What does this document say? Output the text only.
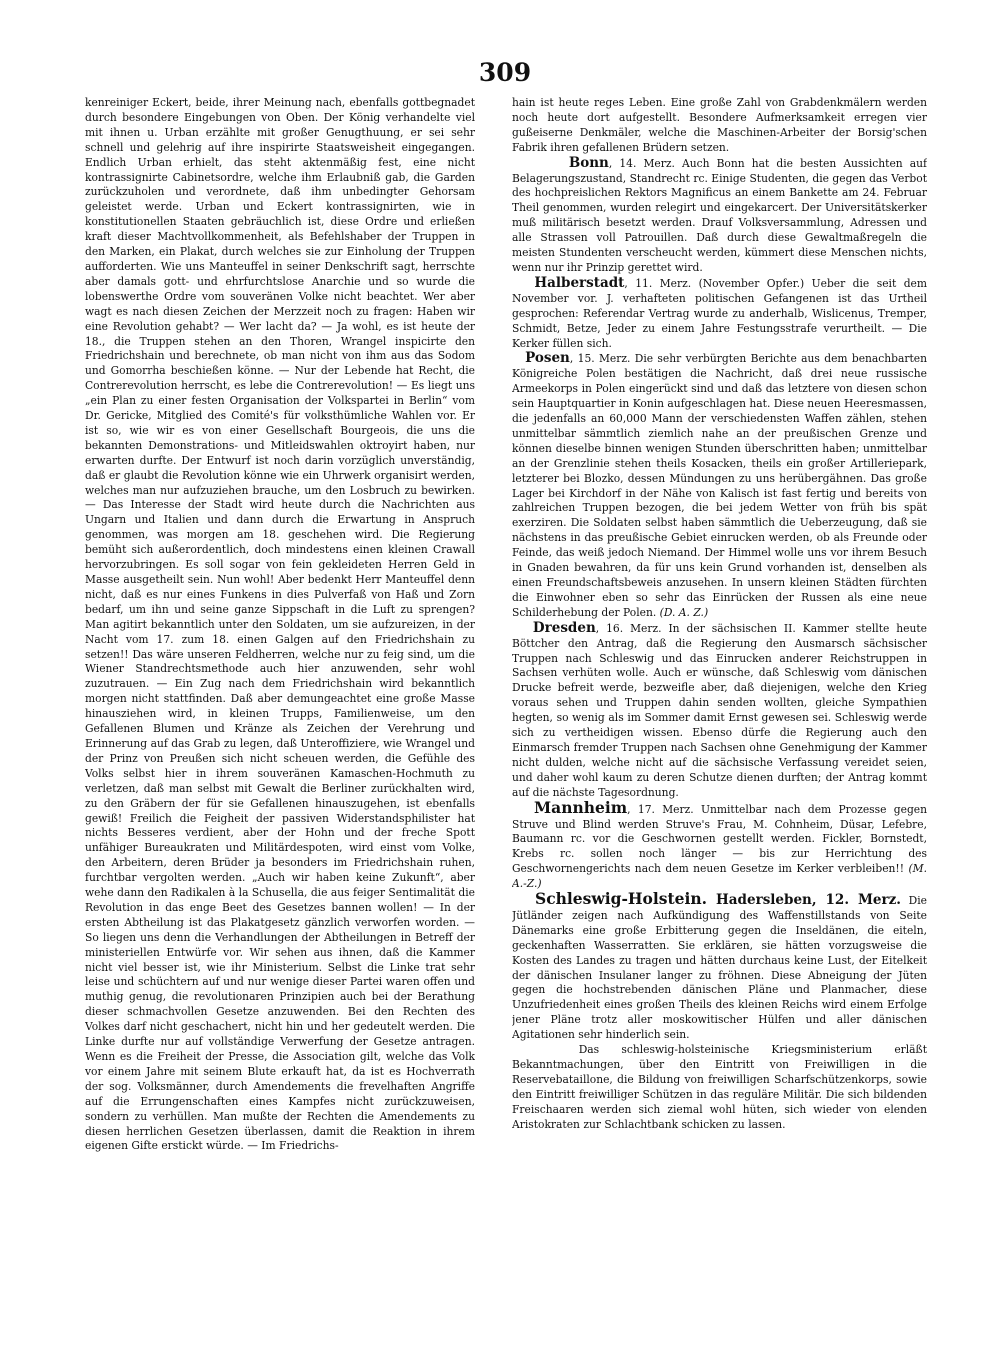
309

kenreiniger Eckert, beide, ihrer Meinung nach, ebenfalls gottbegnadet durch besondere Eingebungen von Oben. Der König verhandelte viel mit ihnen u. Urban erzählte mit großer Genugthuung, er sei sehr schnell und gelehrig auf ihre inspirirte Staatsweisheit eingegangen. Endlich Urban erhielt, das steht aktenmäßig fest, eine nicht kontrassignirte Cabinetsordre, welche ihm Erlaubniß gab, die Garden zurückzuholen und verordnete, daß ihm unbedingter Gehorsam geleistet werde. Urban und Eckert kontrassignirten, wie in konstitutionellen Staaten gebräuchlich ist, diese Ordre und erließen kraft dieser Machtvollkommenheit, als Befehlshaber der Truppen in den Marken, ein Plakat, durch welches sie zur Einholung der Truppen aufforderten. Wie uns Manteuffel in seiner Denkschrift sagt, herrschte aber damals gott- und ehrfurchtslose Anarchie und so wurde die lobenswerthe Ordre vom souveränen Volke nicht beachtet. Wer aber wagt es nach diesen Zeichen der Merzzeit noch zu fragen: Haben wir eine Revolution gehabt? — Wer lacht da? — Ja wohl, es ist heute der 18., die Truppen stehen an den Thoren, Wrangel inspicirte den Friedrichshain und berechnete, ob man nicht von ihm aus das Sodom und Gomorrha beschießen könne. — Nur der Lebende hat Recht, die Contrerevolution herrscht, es lebe die Contrerevolution! — Es liegt uns „ein Plan zu einer festen Organisation der Volkspartei in Berlin“ vom Dr. Gericke, Mitglied des Comité's für volksthümliche Wahlen vor. Er ist so, wie wir es von einer Gesellschaft Bourgeois, die uns die bekannten Demonstrations- und Mitleidswahlen oktroyirt haben, nur erwarten durfte. Der Entwurf ist noch darin vorzüglich unverständig, daß er glaubt die Revolution könne wie ein Uhrwerk organisirt werden, welches man nur aufzuziehen brauche, um den Losbruch zu bewirken. — Das Interesse der Stadt wird heute durch die Nachrichten aus Ungarn und Italien und dann durch die Erwartung in Anspruch genommen, was morgen am 18. geschehen wird. Die Regierung bemüht sich außerordentlich, doch mindestens einen kleinen Crawall hervorzubringen. Es soll sogar von fein gekleideten Herren Geld in Masse ausgetheilt sein. Nun wohl! Aber bedenkt Herr Manteuffel denn nicht, daß es nur eines Funkens in dies Pulverfaß von Haß und Zorn bedarf, um ihn und seine ganze Sippschaft in die Luft zu sprengen? Man agitirt bekanntlich unter den Soldaten, um sie aufzureizen, in der Nacht vom 17. zum 18. einen Galgen auf den Friedrichshain zu setzen!! Das wäre unseren Feldherren, welche nur zu feig sind, um die Wiener Standrechtsmethode auch hier anzuwenden, sehr wohl zuzutrauen. — Ein Zug nach dem Friedrichshain wird bekanntlich morgen nicht stattfinden. Daß aber demungeachtet eine große Masse hinausziehen wird, in kleinen Trupps, Familienweise, um den Gefallenen Blumen und Kränze als Zeichen der Verehrung und Erinnerung auf das Grab zu legen, daß Unteroffiziere, wie Wrangel und der Prinz von Preußen sich nicht scheuen werden, die Gefühle des Volks selbst hier in ihrem souveränen Kamaschen-Hochmuth zu verletzen, daß man selbst mit Gewalt die Berliner zurückhalten wird, zu den Gräbern der für sie Gefallenen hinauszugehen, ist ebenfalls gewiß! Freilich die Feigheit der passiven Widerstandsphilister hat nichts Besseres verdient, aber der Hohn und der freche Spott unfähiger Bureaukraten und Militärdespoten, wird einst vom Volke, den Arbeitern, deren Brüder ja besonders im Friedrichshain ruhen, furchtbar vergolten werden. „Auch wir haben keine Zukunft“, aber wehe dann den Radikalen à la Schusella, die aus feiger Sentimalität die Revolution in das enge Beet des Gesetzes bannen wollen! — In der ersten Abtheilung ist das Plakatgesetz gänzlich verworfen worden. — So liegen uns denn die Verhandlungen der Abtheilungen in Betreff der ministeriellen Entwürfe vor. Wir sehen aus ihnen, daß die Kammer nicht viel besser ist, wie ihr Ministerium. Selbst die Linke trat sehr leise und schüchtern auf und nur wenige dieser Partei waren offen und muthig genug, die revolutionaren Prinzipien auch bei der Berathung dieser schmachvollen Gesetze anzuwenden. Bei den Rechten des Volkes darf nicht geschachert, nicht hin und her gedeutelt werden. Die Linke durfte nur auf vollständige Verwerfung der Gesetze antragen. Wenn es die Freiheit der Presse, die Association gilt, welche das Volk vor einem Jahre mit seinem Blute erkauft hat, da ist es Hochverrath der sog. Volksmänner, durch Amendements die frevelhaften Angriffe auf die Errungenschaften eines Kampfes nicht zurückzuweisen, sondern zu verhüllen. Man mußte der Rechten die Amendements zu diesen herrlichen Gesetzen überlassen, damit die Reaktion in ihrem eigenen Gifte erstickt würde. — Im Friedrichs-

hain ist heute reges Leben. Eine große Zahl von Grabdenkmälern werden noch heute dort aufgestellt. Besondere Aufmerksamkeit erregen vier gußeiserne Denkmäler, welche die Maschinen-Arbeiter der Borsig'schen Fabrik ihren gefallenen Brüdern setzen.

Bonn, 14. Merz. Auch Bonn hat die besten Aussichten auf Belagerungszustand, Standrecht rc. Einige Studenten, die gegen das Verbot des hochpreislichen Rektors Magnificus an einem Bankette am 24. Februar Theil genommen, wurden relegirt und eingekarcert. Der Universitätskerker muß militärisch besetzt werden. Drauf Volksversammlung, Adressen und alle Strassen voll Patrouillen. Daß durch diese Gewaltmaßregeln die meisten Stundenten verscheucht werden, kümmert diese Menschen nichts, wenn nur ihr Prinzip gerettet wird.

Halberstadt, 11. Merz. (November Opfer.) Ueber die seit dem November vor. J. verhafteten politischen Gefangenen ist das Urtheil gesprochen: Referendar Vertrag wurde zu anderhalb, Wislicenus, Tremper, Schmidt, Betze, Jeder zu einem Jahre Festungsstrafe verurtheilt. — Die Kerker füllen sich.

Posen, 15. Merz. Die sehr verbürgten Berichte aus dem benachbarten Königreiche Polen bestätigen die Nachricht, daß drei neue russische Armeekorps in Polen eingerückt sind und daß das letztere von diesen schon sein Hauptquartier in Konin aufgeschlagen hat. Diese neuen Heeresmassen, die jedenfalls an 60,000 Mann der verschiedensten Waffen zählen, stehen unmittelbar sämmtlich ziemlich nahe an der preußischen Grenze und können dieselbe binnen wenigen Stunden überschritten haben; unmittelbar an der Grenzlinie stehen theils Kosacken, theils ein großer Artilleriepark, letzterer bei Blozko, dessen Mündungen zu uns herübergähnen. Das große Lager bei Kirchdorf in der Nähe von Kalisch ist fast fertig und bereits von zahlreichen Truppen bezogen, die bei jedem Wetter von früh bis spät exerziren. Die Soldaten selbst haben sämmtlich die Ueberzeugung, daß sie nächstens in das preußische Gebiet einrucken werden, ob als Freunde oder Feinde, das weiß jedoch Niemand. Der Himmel wolle uns vor ihrem Besuch in Gnaden bewahren, da für uns kein Grund vorhanden ist, denselben als einen Freundschaftsbeweis anzusehen. In unsern kleinen Städten fürchten die Einwohner eben so sehr das Einrücken der Russen als eine neue Schilderhebung der Polen. (D. A. Z.)

Dresden, 16. Merz. In der sächsischen II. Kammer stellte heute Böttcher den Antrag, daß die Regierung den Ausmarsch sächsischer Truppen nach Schleswig und das Einrucken anderer Reichstruppen in Sachsen verhüten wolle. Auch er wünsche, daß Schleswig vom dänischen Drucke befreit werde, bezweifle aber, daß diejenigen, welche den Krieg voraus sehen und Truppen dahin senden wollten, gleiche Sympathien hegten, so wenig als im Sommer damit Ernst gewesen sei. Schleswig werde sich zu vertheidigen wissen. Ebenso dürfe die Regierung auch den Einmarsch fremder Truppen nach Sachsen ohne Genehmigung der Kammer nicht dulden, welche nicht auf die sächsische Verfassung vereidet seien, und daher wohl kaum zu deren Schutze dienen durften; der Antrag kommt auf die nächste Tagesordnung.

Mannheim, 17. Merz. Unmittelbar nach dem Prozesse gegen Struve und Blind werden Struve's Frau, M. Cohnheim, Düsar, Lefebre, Baumann rc. vor die Geschwornen gestellt werden. Fickler, Bornstedt, Krebs rc. sollen noch länger — bis zur Herrichtung des Geschwornengerichts nach dem neuen Gesetze im Kerker verbleiben!! (M. A.-Z.)

Schleswig-Holstein. Hadersleben, 12. Merz. Die Jütländer zeigen nach Aufkündigung des Waffenstillstands von Seite Dänemarks eine große Erbitterung gegen die Inseldänen, die eiteln, geckenhaften Wasserratten. Sie erklären, sie hätten vorzugsweise die Kosten des Landes zu tragen und hätten durchaus keine Lust, der Eitelkeit der dänischen Insulaner langer zu fröhnen. Diese Abneigung der Jüten gegen die hochstrebenden dänischen Pläne und Planmacher, diese Unzufriedenheit eines großen Theils des kleinen Reichs wird einem Erfolge jener Pläne trotz aller moskowitischer Hülfen und aller dänischen Agitationen sehr hinderlich sein.

Das schleswig-holsteinische Kriegsministerium erläßt Bekanntmachungen, über den Eintritt von Freiwilligen in die Reservebataillone, die Bildung von freiwilligen Scharfschützenkorps, sowie den Eintritt freiwilliger Schützen in das reguläre Militär. Die sich bildenden Freischaaren werden sich ziemal wohl hüten, sich wieder von elenden Aristokraten zur Schlachtbank schicken zu lassen.
